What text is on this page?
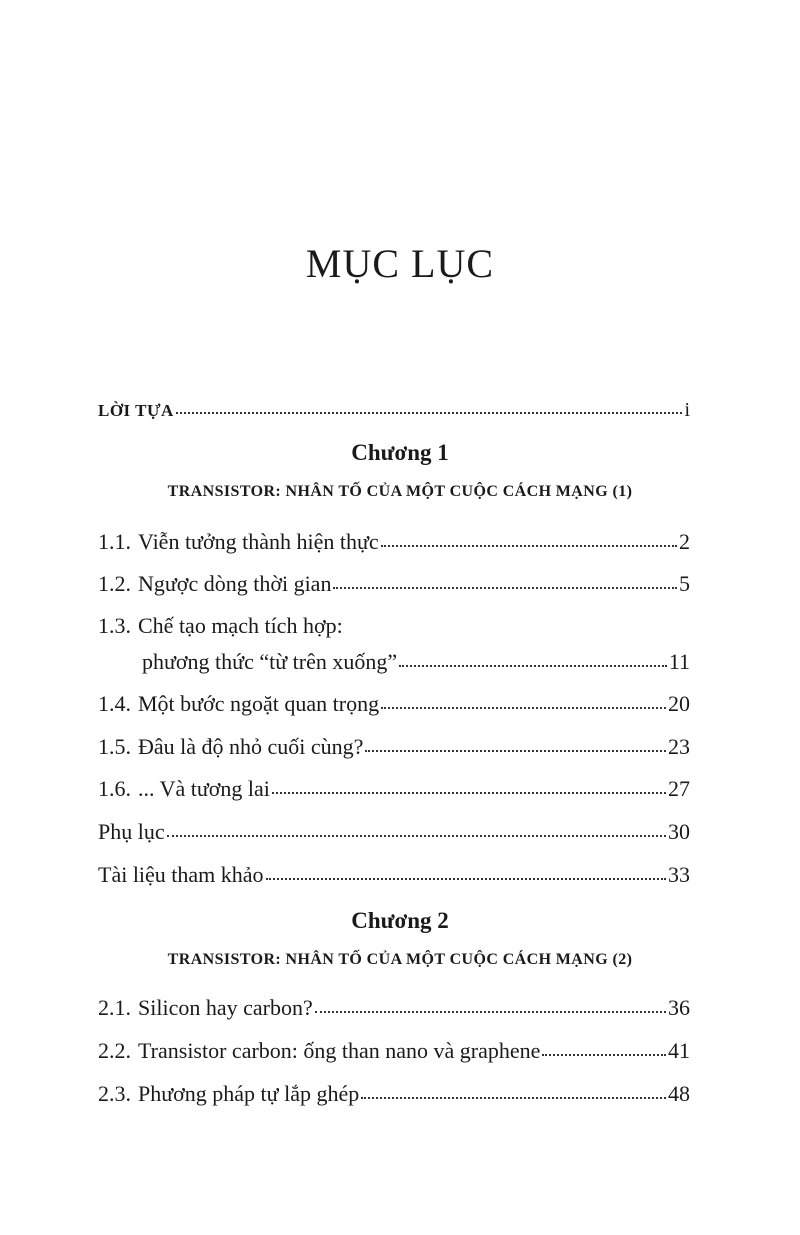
MỤC LỤC
LỜI TỰA	i
Chương 1
TRANSISTOR: NHÂN TỐ CỦA MỘT CUỘC CÁCH MẠNG (1)
1.1. Viễn tưởng thành hiện thực	2
1.2. Ngược dòng thời gian	5
1.3. Chế tạo mạch tích hợp:
phương thức “từ trên xuống”	11
1.4. Một bước ngoặt quan trọng	20
1.5. Đâu là độ nhỏ cuối cùng?	23
1.6. ... Và tương lai	27
Phụ lục	30
Tài liệu tham khảo	33
Chương 2
TRANSISTOR: NHÂN TỐ CỦA MỘT CUỘC CÁCH MẠNG (2)
2.1. Silicon hay carbon?	36
2.2. Transistor carbon: ống than nano và graphene	41
2.3. Phương pháp tự lắp ghép	48
